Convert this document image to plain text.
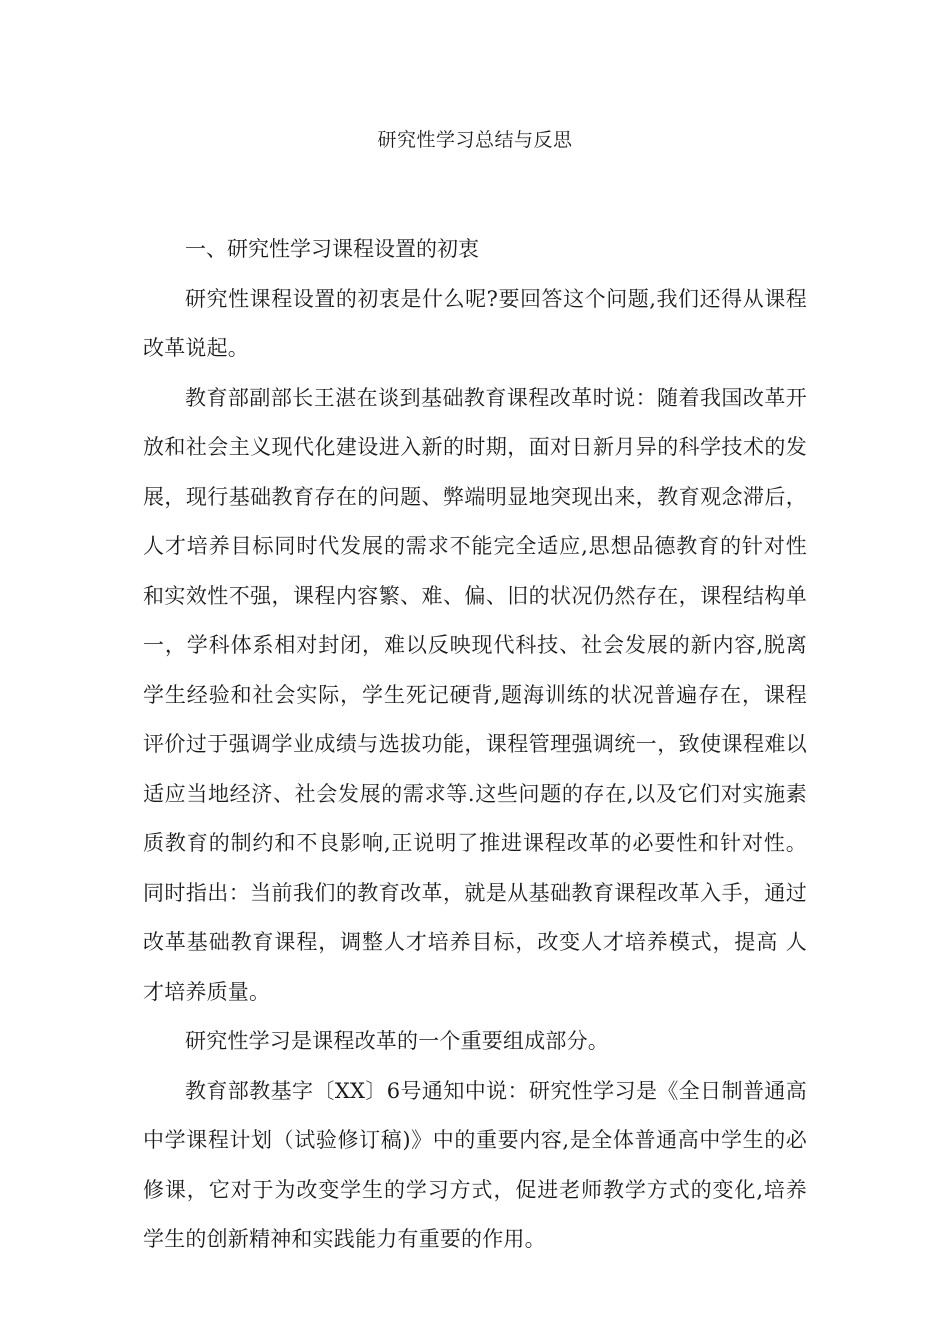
研究性学习总结与反思

一、研究性学习课程设置的初衷

研究性课程设置的初衷是什么呢?要回答这个问题,我们还得从课程改革说起。

教育部副部长王湛在谈到基础教育课程改革时说：随着我国改革开放和社会主义现代化建设进入新的时期，面对日新月异的科学技术的发展，现行基础教育存在的问题、弊端明显地突现出来，教育观念滞后，人才培养目标同时代发展的需求不能完全适应,思想品德教育的针对性和实效性不强，课程内容繁、难、偏、旧的状况仍然存在，课程结构单一，学科体系相对封闭，难以反映现代科技、社会发展的新内容,脱离学生经验和社会实际，学生死记硬背,题海训练的状况普遍存在，课程评价过于强调学业成绩与选拔功能，课程管理强调统一，致使课程难以适应当地经济、社会发展的需求等.这些问题的存在,以及它们对实施素质教育的制约和不良影响,正说明了推进课程改革的必要性和针对性。同时指出：当前我们的教育改革，就是从基础教育课程改革入手，通过改革基础教育课程，调整人才培养目标，改变人才培养模式，提高 人才培养质量。

研究性学习是课程改革的一个重要组成部分。

教育部教基字〔XX〕6号通知中说：研究性学习是《全日制普通高中学课程计划（试验修订稿)》中的重要内容,是全体普通高中学生的必修课，它对于为改变学生的学习方式，促进老师教学方式的变化,培养学生的创新精神和实践能力有重要的作用。
